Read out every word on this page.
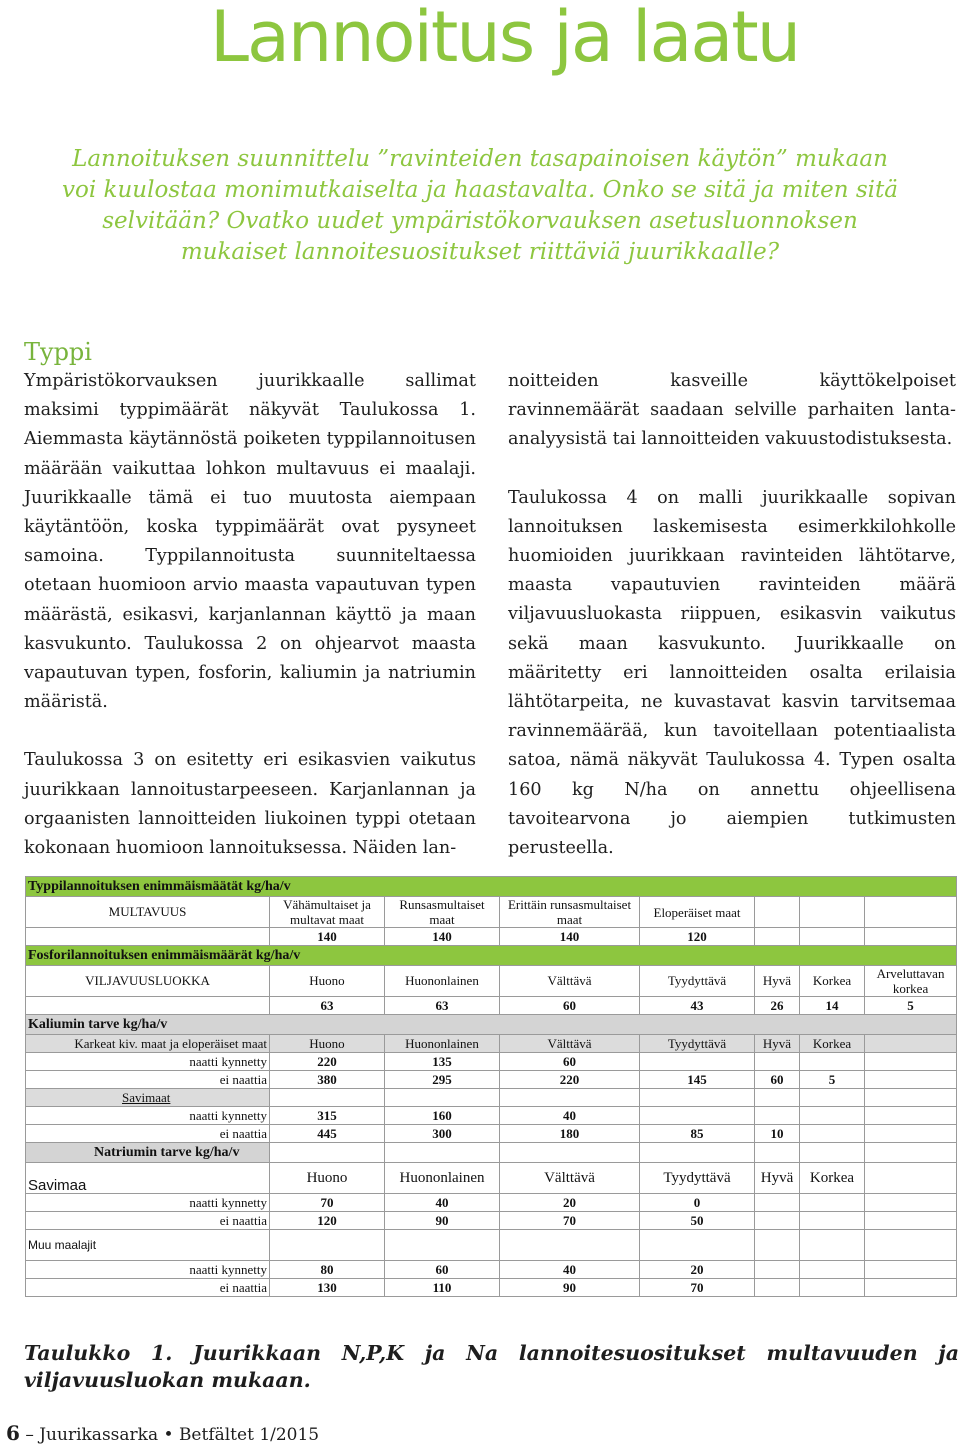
Lannoitus ja laatu

Lannoituksen suunnittelu ”ravinteiden tasapainoisen käytön” mukaan voi kuulostaa monimutkaiselta ja haastavalta. Onko se sitä ja miten sitä selvitään? Ovatko uudet ympäristökorvauksen asetusluonnoksen mukaiset lannoitesuositukset riittäviä juurikkaalle?

Typpi

Ympäristökorvauksen juurikkaalle sallimat maksimi typpimäärät näkyvät Taulukossa 1. Aiemmasta käytännöstä poiketen typpilannoitusen määrään vaikuttaa lohkon multavuus ei maalaji. Juurikkaalle tämä ei tuo muutosta aiempaan käytäntöön, koska typpimäärät ovat pysyneet samoina. Typpilannoitusta suunniteltaessa otetaan huomioon arvio maasta vapautuvan typen määrästä, esikasvi, karjanlannan käyttö ja maan kasvukunto. Taulukossa 2 on ohjearvot maasta vapautuvan typen, fosforin, kaliumin ja natriumin määristä.

Taulukossa 3 on esitetty eri esikasvien vaikutus juurikkaan lannoitustarpeeseen. Karjanlannan ja orgaanisten lannoitteiden liukoinen typpi otetaan kokonaan huomioon lannoituksessa. Näiden lan-

noitteiden kasveille käyttökelpoiset ravinnemäärät saadaan selville parhaiten lanta-analyysistä tai lannoitteiden vakuustodistuksesta.

Taulukossa 4 on malli juurikkaalle sopivan lannoituksen laskemisesta esimerkkilohkolle huomioiden juurikkaan ravinteiden lähtötarve, maasta vapautuvien ravinteiden määrä viljavuusluokasta riippuen, esikasvin vaikutus sekä maan kasvukunto. Juurikkaalle on määritetty eri lannoitteiden osalta erilaisia lähtötarpeita, ne kuvastavat kasvin tarvitsemaa ravinnemäärää, kun tavoitellaan potentiaalista satoa, nämä näkyvät Taulukossa 4. Typen osalta 160 kg N/ha on annettu ohjeellisena tavoitearvona jo aiempien tutkimusten perusteella.

Typpilannoituksen enimmäismäätät kg/ha/v							
MULTAVUUS	Vähämultaiset ja multavat maat	Runsasmultaiset maat	Erittäin runsasmultaiset maat	Eloperäiset maat			
	140	140	140	120			
Fosforilannoituksen enimmäismäärät kg/ha/v							
VILJAVUUSLUOKKA	Huono	Huononlainen	Välttävä	Tyydyttävä	Hyvä	Korkea	Arveluttavan korkea
	63	63	60	43	26	14	5
Kaliumin tarve kg/ha/v							
Karkeat kiv. maat ja eloperäiset maat	Huono	Huononlainen	Välttävä	Tyydyttävä	Hyvä	Korkea	
naatti kynnetty	220	135	60				
ei naattia	380	295	220	145	60	5	
Savimaat							
naatti kynnetty	315	160	40				
ei naattia	445	300	180	85	10		
Natriumin tarve kg/ha/v							
Savimaa	Huono	Huononlainen	Välttävä	Tyydyttävä	Hyvä	Korkea	
naatti kynnetty	70	40	20	0			
ei naattia	120	90	70	50			
Muu maalajit							
naatti kynnetty	80	60	40	20			
ei naattia	130	110	90	70			

Taulukko 1. Juurikkaan N,P,K ja Na lannoitesuositukset multavuuden ja viljavuusluokan mukaan.

6 – Juurikassarka • Betfältet 1/2015
